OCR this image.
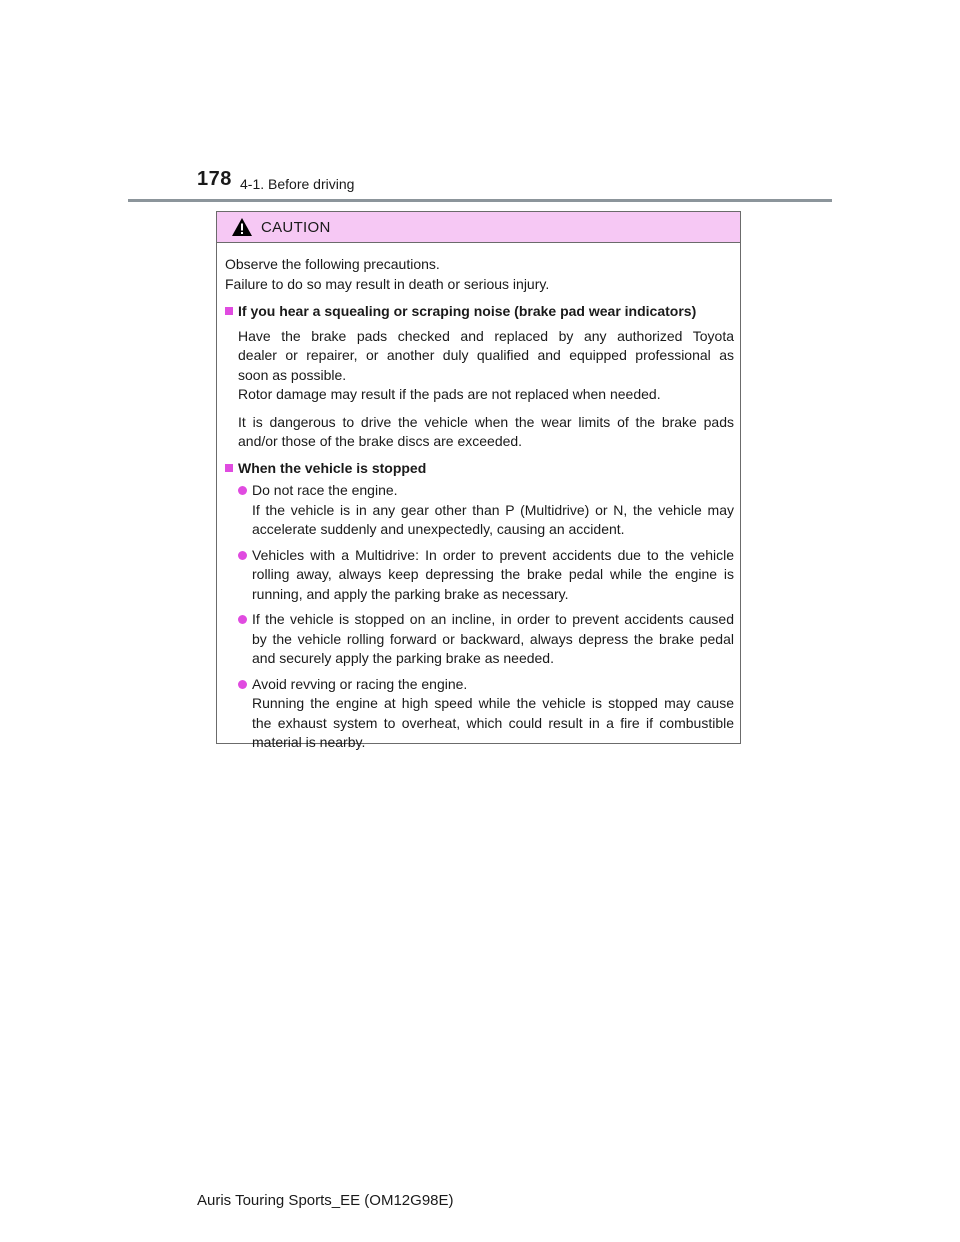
178 4-1. Before driving
CAUTION

Observe the following precautions.

Failure to do so may result in death or serious injury.

If you hear a squealing or scraping noise (brake pad wear indicators)
Have the brake pads checked and replaced by any authorized Toyota
dealer or repairer, or another duly qualified and equipped professional as
soon as possible.
Rotor damage may result if the pads are not replaced when needed.
It is dangerous to drive the vehicle when the wear limits of the brake pads
and/or those of the brake discs are exceeded.
When the vehicle is stopped
Do not race the engine.
If the vehicle is in any gear other than P (Multidrive) or N, the vehicle may
accelerate suddenly and unexpectedly, causing an accident.
Vehicles with a Multidrive: In order to prevent accidents due to the vehicle
rolling away, always keep depressing the brake pedal while the engine is
running, and apply the parking brake as necessary.
If the vehicle is stopped on an incline, in order to prevent accidents caused
by the vehicle rolling forward or backward, always depress the brake pedal
and securely apply the parking brake as needed.
Avoid revving or racing the engine.
Running the engine at high speed while the vehicle is stopped may cause
the exhaust system to overheat, which could result in a fire if combustible
material is nearby.
Auris Touring Sports_EE (OM12G98E)
